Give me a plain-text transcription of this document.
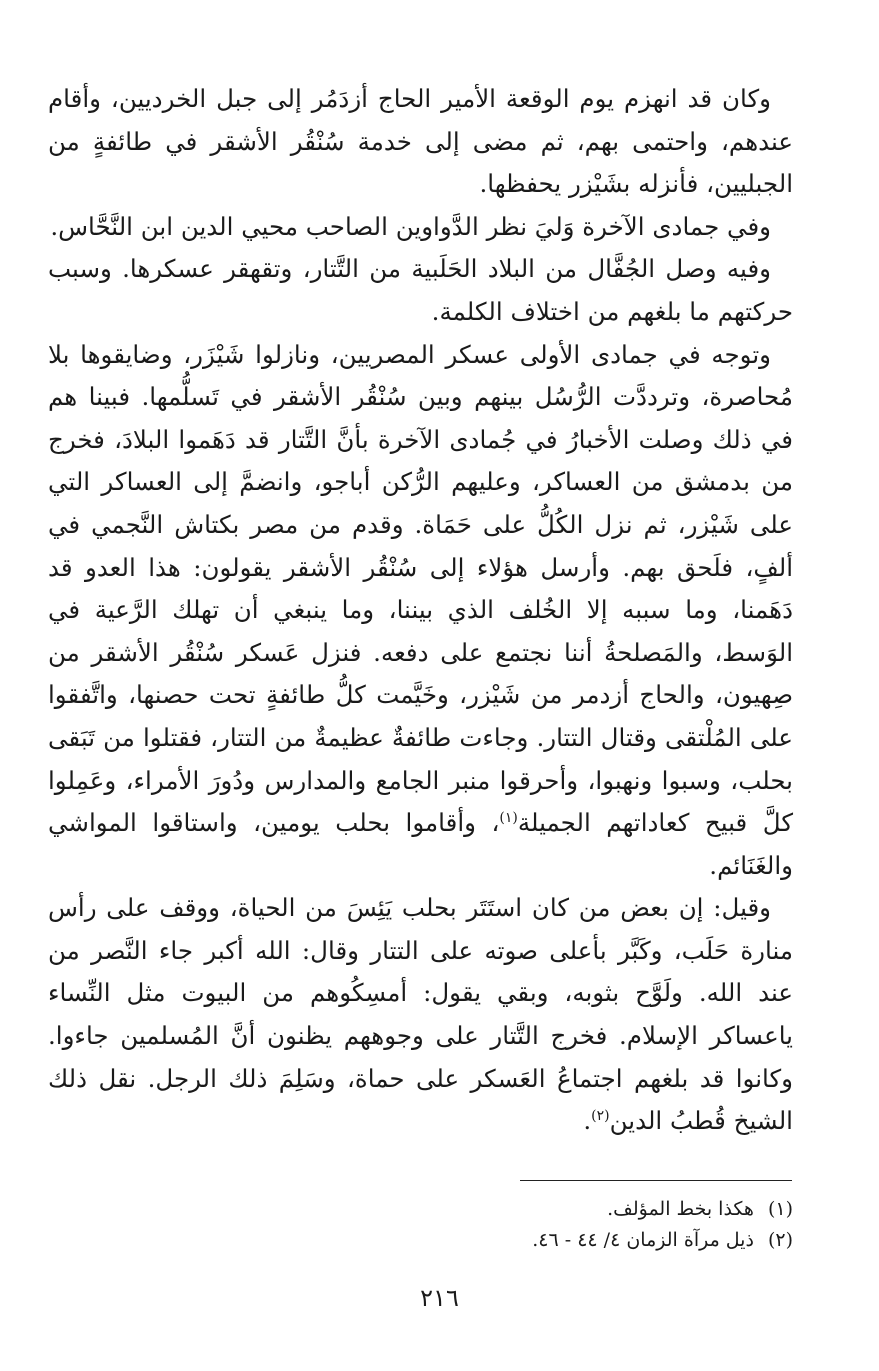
وكان قد انهزم يوم الوقعة الأمير الحاج أزدَمُر إلى جبل الخرديين، وأقام عندهم، واحتمى بهم، ثم مضى إلى خدمة سُنْقُر الأشقر في طائفةٍ من الجبليين، فأنزله بشَيْزر يحفظها.

وفي جمادى الآخرة وَليَ نظر الدَّواوين الصاحب محيي الدين ابن النَّحَّاس.

وفيه وصل الجُفَّال من البلاد الحَلَبية من التَّتار، وتقهقر عسكرها. وسبب حركتهم ما بلغهم من اختلاف الكلمة.

وتوجه في جمادى الأولى عسكر المصريين، ونازلوا شَيْزَر، وضايقوها بلا مُحاصرة، وترددَّت الرُّسُل بينهم وبين سُنْقُر الأشقر في تَسلُّمها. فبينا هم في ذلك وصلت الأخبارُ في جُمادى الآخرة بأنَّ التَّتار قد دَهَموا البلادَ، فخرج من بدمشق من العساكر، وعليهم الرُّكن أباجو، وانضمَّ إلى العساكر التي على شَيْزر، ثم نزل الكُلُّ على حَمَاة. وقدم من مصر بكتاش النَّجمي في ألفٍ، فلَحق بهم. وأرسل هؤلاء إلى سُنْقُر الأشقر يقولون: هذا العدو قد دَهَمنا، وما سببه إلا الخُلف الذي بيننا، وما ينبغي أن تهلك الرَّعية في الوَسط، والمَصلحةُ أننا نجتمع على دفعه. فنزل عَسكر سُنْقُر الأشقر من صِهيون، والحاج أزدمر من شَيْزر، وخَيَّمت كلُّ طائفةٍ تحت حصنها، واتَّفقوا على المُلْتقى وقتال التتار. وجاءت طائفةٌ عظيمةٌ من التتار، فقتلوا من تَبَقى بحلب، وسبوا ونهبوا، وأحرقوا منبر الجامع والمدارس ودُورَ الأمراء، وعَمِلوا كلَّ قبيح كعاداتهم الجميلة$^{(١)}$، وأقاموا بحلب يومين، واستاقوا المواشي والغَنَائم.

وقيل: إن بعض من كان استَتَر بحلب يَئِسَ من الحياة، ووقف على رأس منارة حَلَب، وكَبَّر بأعلى صوته على التتار وقال: الله أكبر جاء النَّصر من عند الله. ولَوَّح بثوبه، وبقي يقول: أمسِكُوهم من البيوت مثل النِّساء ياعساكر الإسلام. فخرج التَّتار على وجوههم يظنون أنَّ المُسلمين جاءوا. وكانوا قد بلغهم اجتماعُ العَسكر على حماة، وسَلِمَ ذلك الرجل. نقل ذلك الشيخ قُطبُ الدين$^{(٢)}$.

(١)
هكذا بخط المؤلف.
(٢)
ذيل مرآة الزمان ٤/ ٤٤ - ٤٦.
٢١٦
